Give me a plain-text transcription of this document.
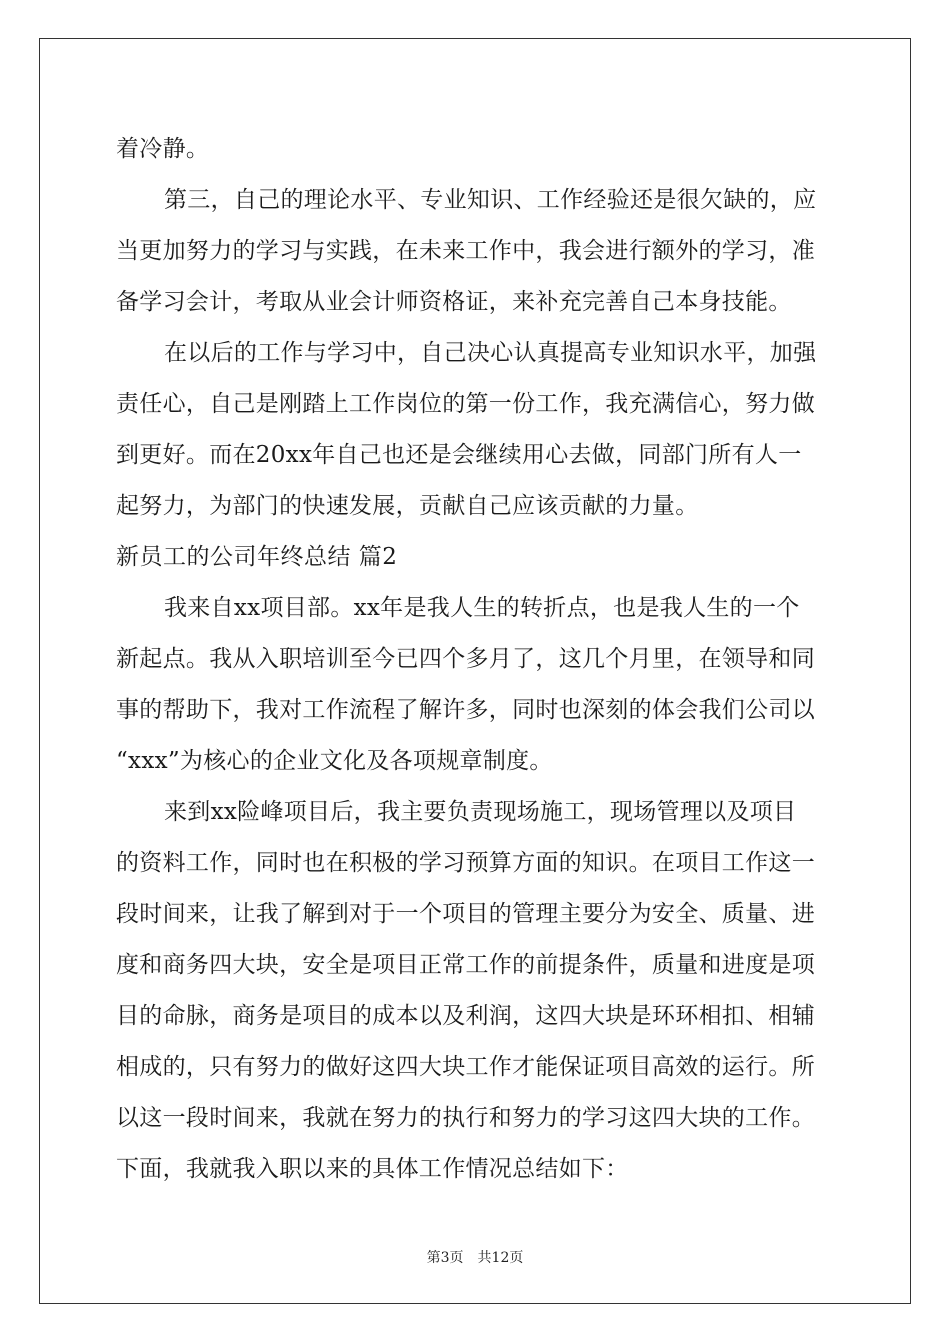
着冷静。
第三，自己的理论水平、专业知识、工作经验还是很欠缺的，应
当更加努力的学习与实践，在未来工作中，我会进行额外的学习，准
备学习会计，考取从业会计师资格证，来补充完善自己本身技能。
在以后的工作与学习中，自己决心认真提高专业知识水平，加强
责任心，自己是刚踏上工作岗位的第一份工作，我充满信心，努力做
到更好。而在20xx年自己也还是会继续用心去做，同部门所有人一
起努力，为部门的快速发展，贡献自己应该贡献的力量。
新员工的公司年终总结 篇2
我来自xx项目部。xx年是我人生的转折点，也是我人生的一个
新起点。我从入职培训至今已四个多月了，这几个月里，在领导和同
事的帮助下，我对工作流程了解许多，同时也深刻的体会我们公司以
“xxx”为核心的企业文化及各项规章制度。
来到xx险峰项目后，我主要负责现场施工，现场管理以及项目
的资料工作，同时也在积极的学习预算方面的知识。在项目工作这一
段时间来，让我了解到对于一个项目的管理主要分为安全、质量、进
度和商务四大块，安全是项目正常工作的前提条件，质量和进度是项
目的命脉，商务是项目的成本以及利润，这四大块是环环相扣、相辅
相成的，只有努力的做好这四大块工作才能保证项目高效的运行。所
以这一段时间来，我就在努力的执行和努力的学习这四大块的工作。
下面，我就我入职以来的具体工作情况总结如下：
第3页　共12页
